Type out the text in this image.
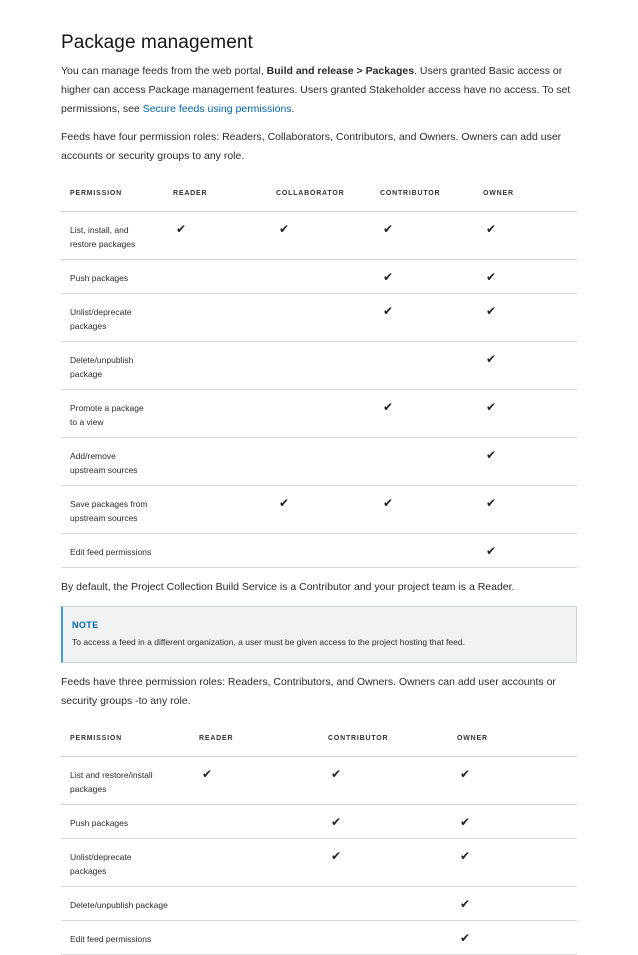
Package management

You can manage feeds from the web portal, Build and release > Packages. Users granted Basic access or higher can access Package management features. Users granted Stakeholder access have no access. To set permissions, see Secure feeds using permissions.

Feeds have four permission roles: Readers, Collaborators, Contributors, and Owners. Owners can add user accounts or security groups to any role.

PERMISSION	READER	COLLABORATOR	CONTRIBUTOR	OWNER
List, install, and restore packages	✔	✔	✔	✔
Push packages			✔	✔
Unlist/deprecate packages			✔	✔
Delete/unpublish package				✔
Promote a package to a view			✔	✔
Add/remove upstream sources				✔
Save packages from upstream sources		✔	✔	✔
Edit feed permissions				✔

By default, the Project Collection Build Service is a Contributor and your project team is a Reader.

NOTE
To access a feed in a different organization, a user must be given access to the project hosting that feed.

Feeds have three permission roles: Readers, Contributors, and Owners. Owners can add user accounts or security groups -to any role.

PERMISSION	READER	CONTRIBUTOR	OWNER
List and restore/install packages	✔	✔	✔
Push packages		✔	✔
Unlist/deprecate packages		✔	✔
Delete/unpublish package			✔
Edit feed permissions			✔
